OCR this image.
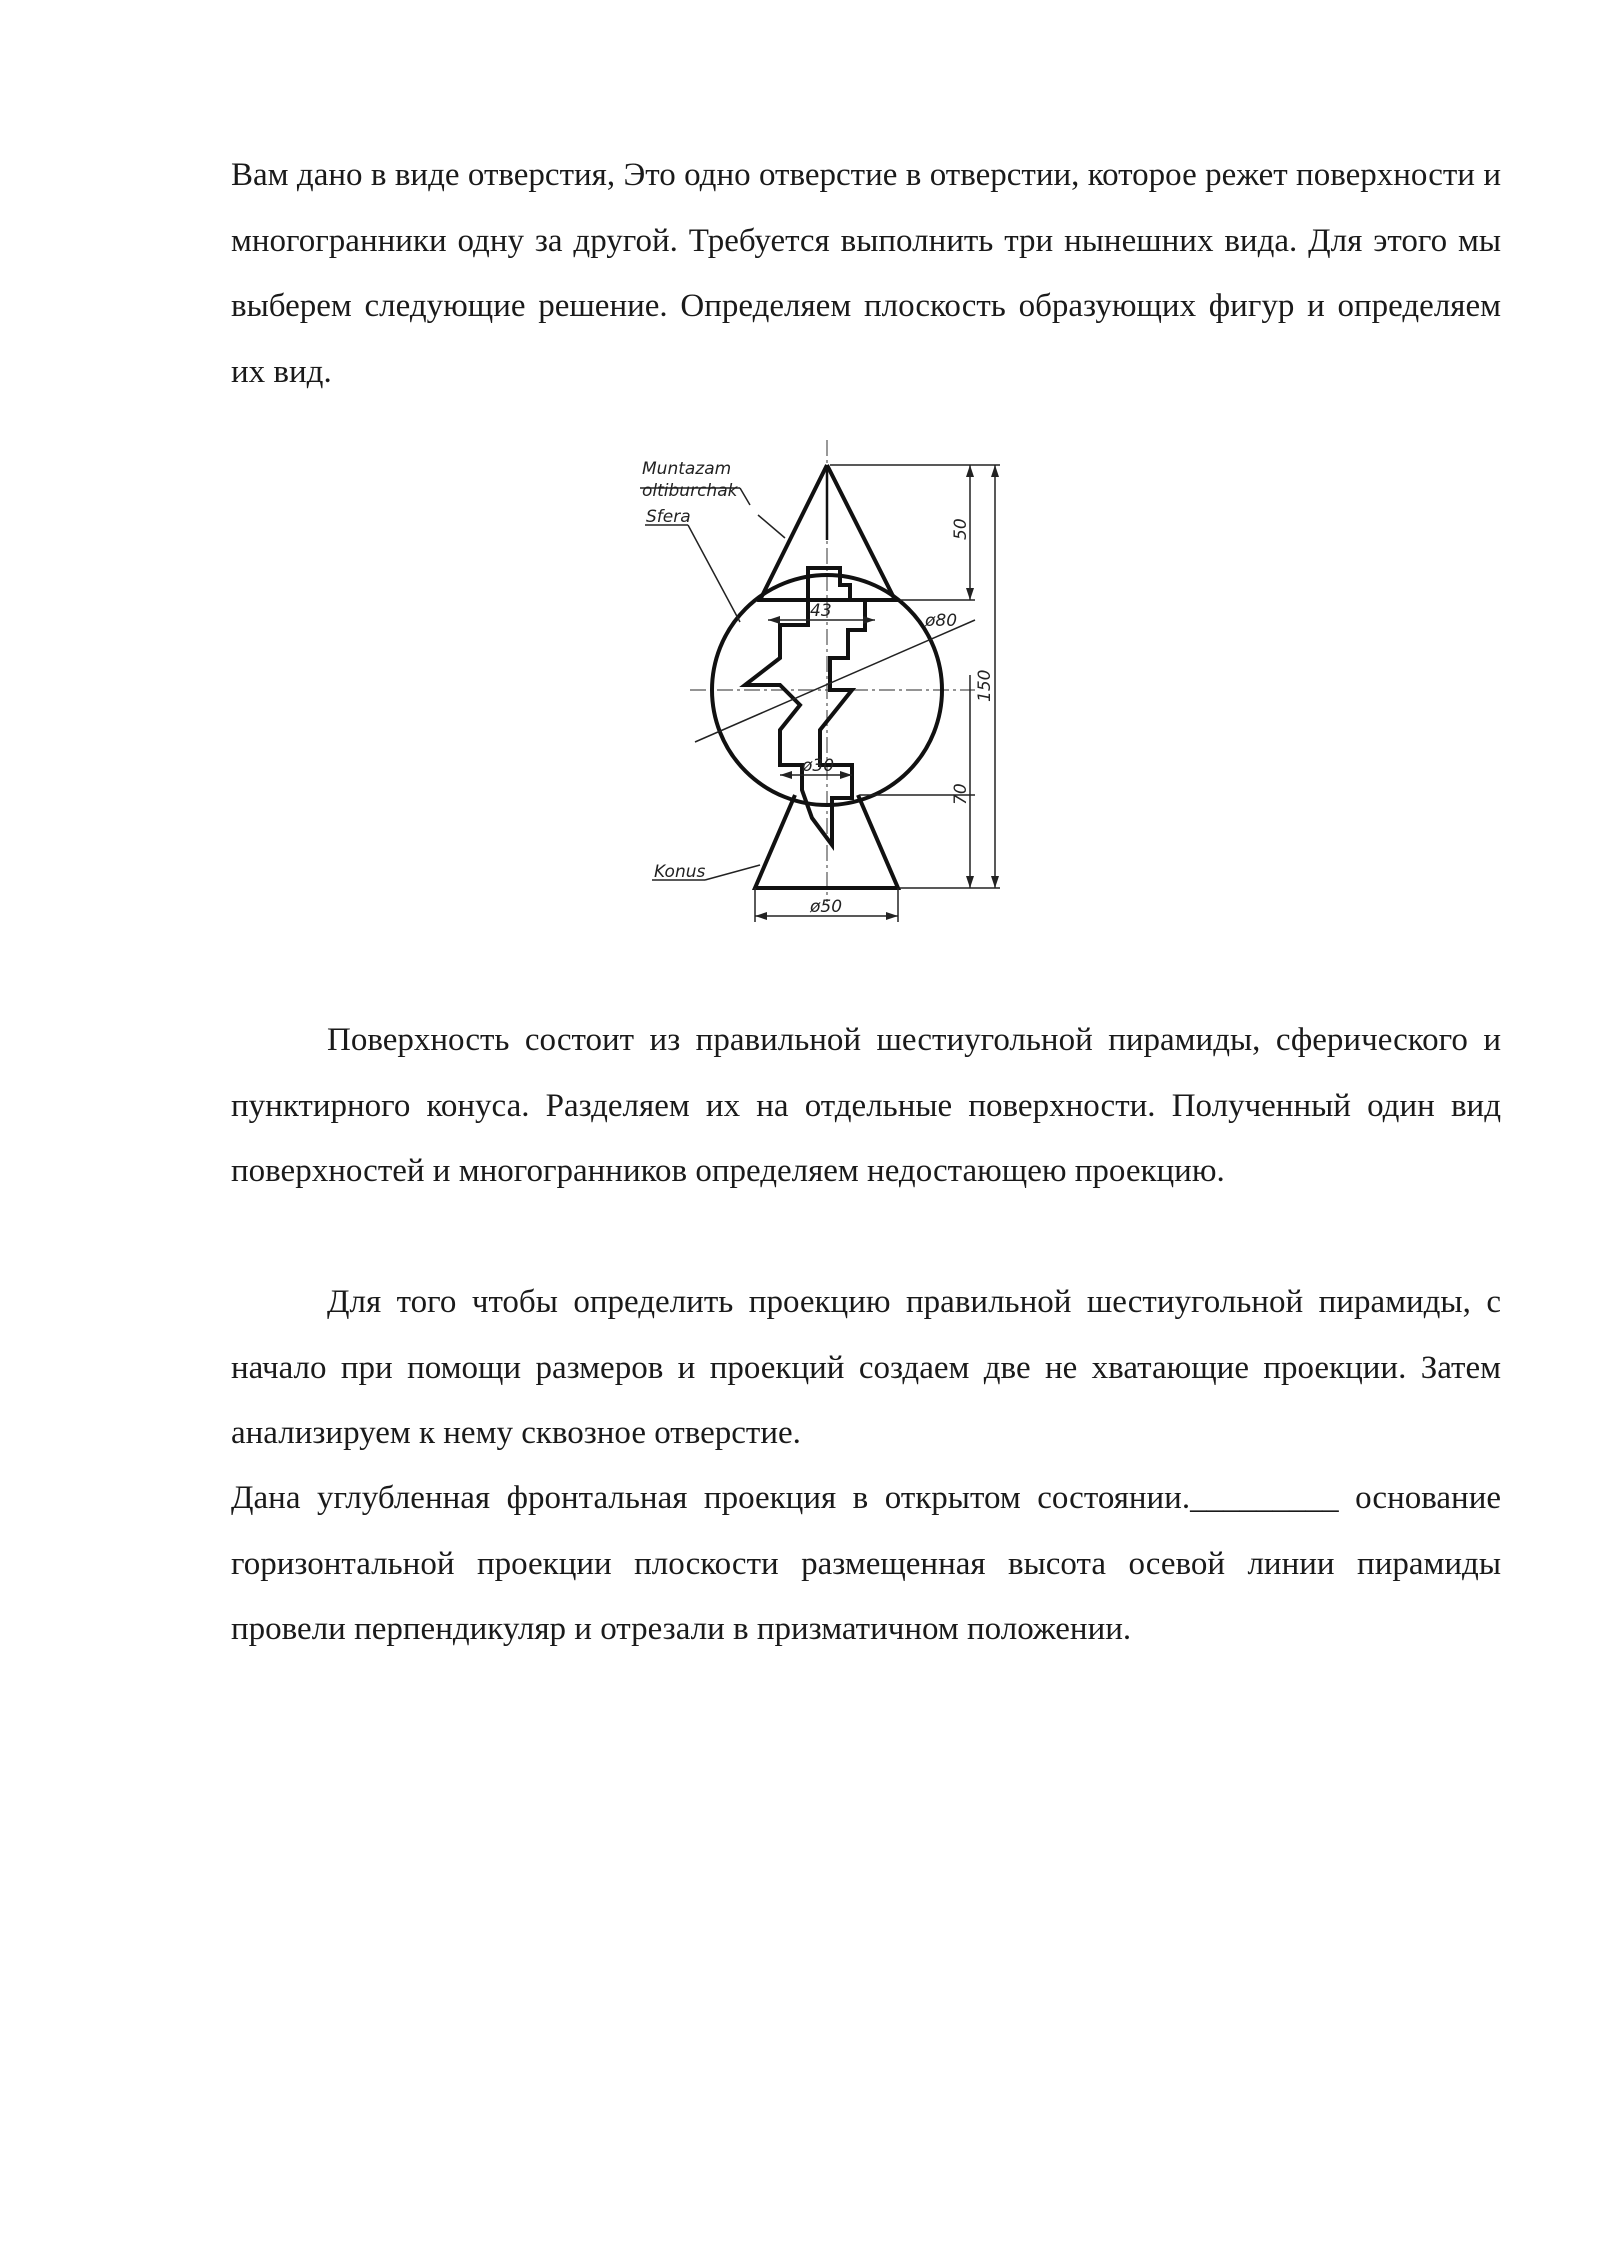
Вам дано в виде отверстия, Это одно отверстие в отверстии, которое режет поверхности и многогранники одну за другой. Требуется выполнить три нынешних вида. Для этого мы выберем следующие решение. Определяем плоскость образующих фигур и определяем их вид.

Muntazam
oltiburchak
Sfera
Konus
43	ø80
ø30
ø50
50
150
70

Поверхность состоит из правильной шестиугольной пирамиды, сферического и пунктирного конуса. Разделяем их на отдельные поверхности. Полученный один вид поверхностей и многогранников определяем недостающею проекцию.

Для того чтобы определить проекцию правильной шестиугольной пирамиды, с начало при помощи размеров и проекций создаем две не хватающие проекции. Затем анализируем к нему сквозное отверстие.

Дана углубленная фронтальная проекция в открытом состоянии._________ основание горизонтальной проекции плоскости размещенная высота осевой линии пирамиды провели перпендикуляр и отрезали в призматичном положении.
